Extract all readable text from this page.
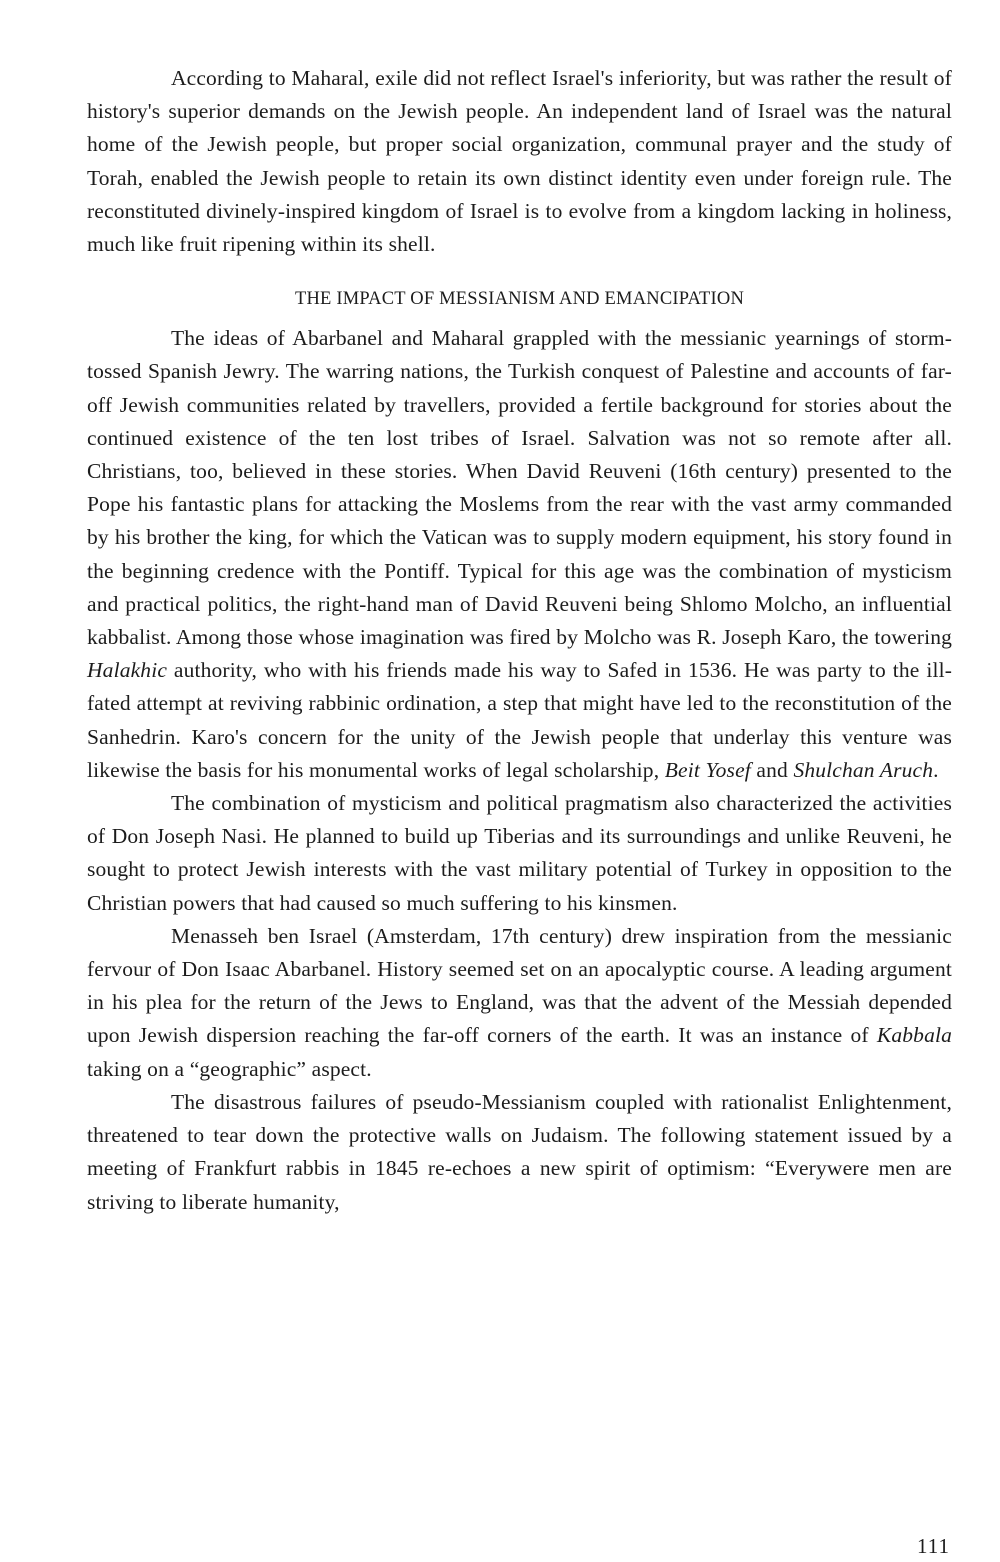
According to Maharal, exile did not reflect Israel's inferiority, but was rather the result of history's superior demands on the Jewish people. An independent land of Israel was the natural home of the Jewish people, but proper social organization, communal prayer and the study of Torah, enabled the Jewish people to retain its own distinct identity even under foreign rule. The reconstituted divinely-inspired kingdom of Israel is to evolve from a kingdom lacking in holiness, much like fruit ripening within its shell.

THE IMPACT OF MESSIANISM AND EMANCIPATION

The ideas of Abarbanel and Maharal grappled with the messianic yearnings of storm-tossed Spanish Jewry. The warring nations, the Turkish conquest of Palestine and accounts of far-off Jewish communities related by travellers, provided a fertile background for stories about the continued existence of the ten lost tribes of Israel. Salvation was not so remote after all. Christians, too, believed in these stories. When David Reuveni (16th century) presented to the Pope his fantastic plans for attacking the Moslems from the rear with the vast army commanded by his brother the king, for which the Vatican was to supply modern equipment, his story found in the beginning credence with the Pontiff. Typical for this age was the combination of mysticism and practical politics, the right-hand man of David Reuveni being Shlomo Molcho, an influential kabbalist. Among those whose imagination was fired by Molcho was R. Joseph Karo, the towering Halakhic authority, who with his friends made his way to Safed in 1536. He was party to the ill-fated attempt at reviving rabbinic ordination, a step that might have led to the reconstitution of the Sanhedrin. Karo's concern for the unity of the Jewish people that underlay this venture was likewise the basis for his monumental works of legal scholarship, Beit Yosef and Shulchan Aruch.

The combination of mysticism and political pragmatism also characterized the activities of Don Joseph Nasi. He planned to build up Tiberias and its surroundings and unlike Reuveni, he sought to protect Jewish interests with the vast military potential of Turkey in opposition to the Christian powers that had caused so much suffering to his kinsmen.

Menasseh ben Israel (Amsterdam, 17th century) drew inspiration from the messianic fervour of Don Isaac Abarbanel. History seemed set on an apocalyptic course. A leading argument in his plea for the return of the Jews to England, was that the advent of the Messiah depended upon Jewish dispersion reaching the far-off corners of the earth. It was an instance of Kabbala taking on a “geographic” aspect.

The disastrous failures of pseudo-Messianism coupled with rationalist Enlightenment, threatened to tear down the protective walls on Judaism. The following statement issued by a meeting of Frankfurt rabbis in 1845 re-echoes a new spirit of optimism: “Everywere men are striving to liberate humanity,

111
